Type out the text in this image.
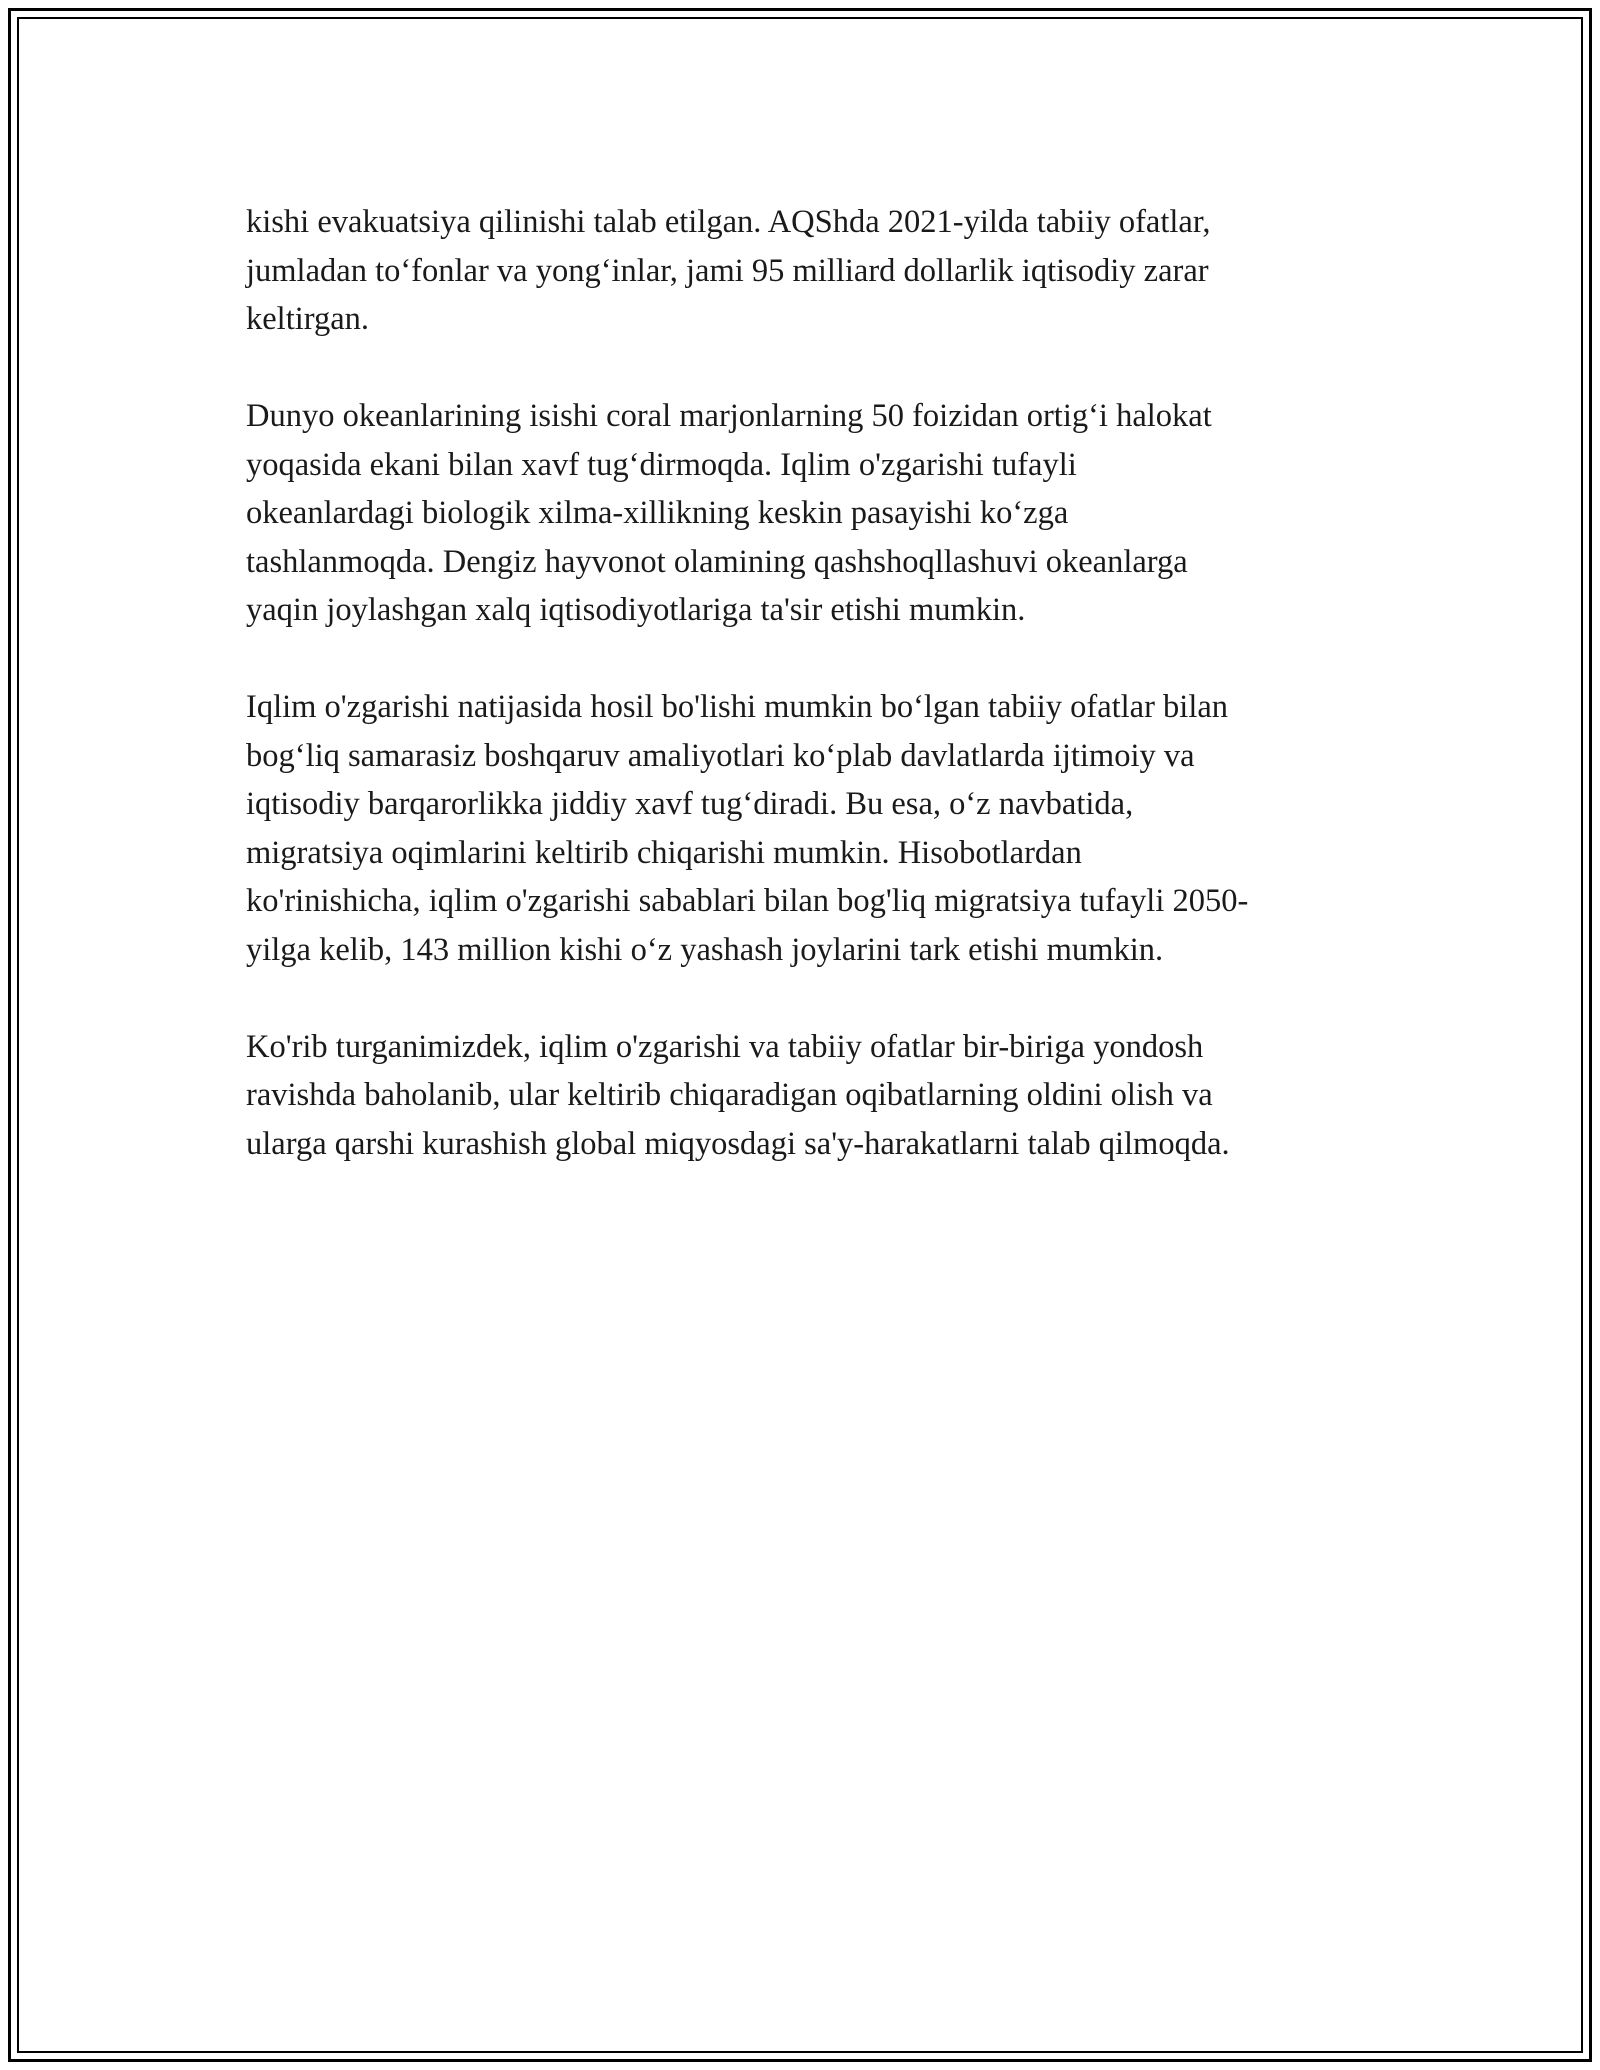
kishi evakuatsiya qilinishi talab etilgan. AQShda 2021-yilda tabiiy ofatlar,
jumladan to‘fonlar va yong‘inlar, jami 95 milliard dollarlik iqtisodiy zarar
keltirgan.

Dunyo okeanlarining isishi coral marjonlarning 50 foizidan ortig‘i halokat
yoqasida ekani bilan xavf tug‘dirmoqda. Iqlim o'zgarishi tufayli
okeanlardagi biologik xilma-xillikning keskin pasayishi ko‘zga
tashlanmoqda. Dengiz hayvonot olamining qashshoqllashuvi okeanlarga
yaqin joylashgan xalq iqtisodiyotlariga ta'sir etishi mumkin.

Iqlim o'zgarishi natijasida hosil bo'lishi mumkin bo‘lgan tabiiy ofatlar bilan
bog‘liq samarasiz boshqaruv amaliyotlari ko‘plab davlatlarda ijtimoiy va
iqtisodiy barqarorlikka jiddiy xavf tug‘diradi. Bu esa, o‘z navbatida,
migratsiya oqimlarini keltirib chiqarishi mumkin. Hisobotlardan
ko'rinishicha, iqlim o'zgarishi sabablari bilan bog'liq migratsiya tufayli 2050-
yilga kelib, 143 million kishi o‘z yashash joylarini tark etishi mumkin.

Ko'rib turganimizdek, iqlim o'zgarishi va tabiiy ofatlar bir-biriga yondosh
ravishda baholanib, ular keltirib chiqaradigan oqibatlarning oldini olish va
ularga qarshi kurashish global miqyosdagi sa'y-harakatlarni talab qilmoqda.
